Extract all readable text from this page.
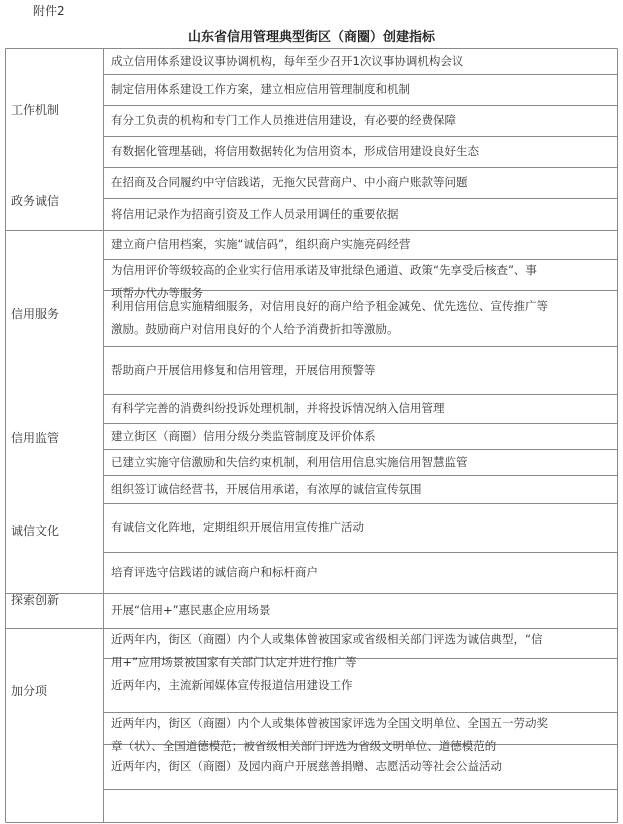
附件2
山东省信用管理典型街区（商圈）创建指标
成立信用体系建设议事协调机构，每年至少召开1次议事协调机构会议
制定信用体系建设工作方案，建立相应信用管理制度和机制
有分工负责的机构和专门工作人员推进信用建设，有必要的经费保障
有数据化管理基础，将信用数据转化为信用资本，形成信用建设良好生态
在招商及合同履约中守信践诺，无拖欠民营商户、中小商户账款等问题
将信用记录作为招商引资及工作人员录用调任的重要依据
建立商户信用档案，实施“诚信码”，组织商户实施亮码经营
为信用评价等级较高的企业实行信用承诺及审批绿色通道、政策“先享受后核查”、事
项帮办代办等服务
利用信用信息实施精细服务，对信用良好的商户给予租金减免、优先选位、宣传推广等
激励。鼓励商户对信用良好的个人给予消费折扣等激励。
帮助商户开展信用修复和信用管理，开展信用预警等
有科学完善的消费纠纷投诉处理机制，并将投诉情况纳入信用管理
建立街区（商圈）信用分级分类监管制度及评价体系
已建立实施守信激励和失信约束机制，利用信用信息实施信用智慧监管
组织签订诚信经营书，开展信用承诺，有浓厚的诚信宣传氛围
有诚信文化阵地，定期组织开展信用宣传推广活动
培育评选守信践诺的诚信商户和标杆商户
开展“信用+”惠民惠企应用场景
近两年内，街区（商圈）内个人或集体曾被国家或省级相关部门评选为诚信典型，“信
用+”应用场景被国家有关部门认定并进行推广等
近两年内，主流新闻媒体宣传报道信用建设工作
近两年内，街区（商圈）内个人或集体曾被国家评选为全国文明单位、全国五一劳动奖
章（状）、全国道德模范；被省级相关部门评选为省级文明单位、道德模范的
近两年内，街区（商圈）及园内商户开展慈善捐赠、志愿活动等社会公益活动
工作机制
政务诚信
信用服务
信用监管
诚信文化
探索创新
加分项
